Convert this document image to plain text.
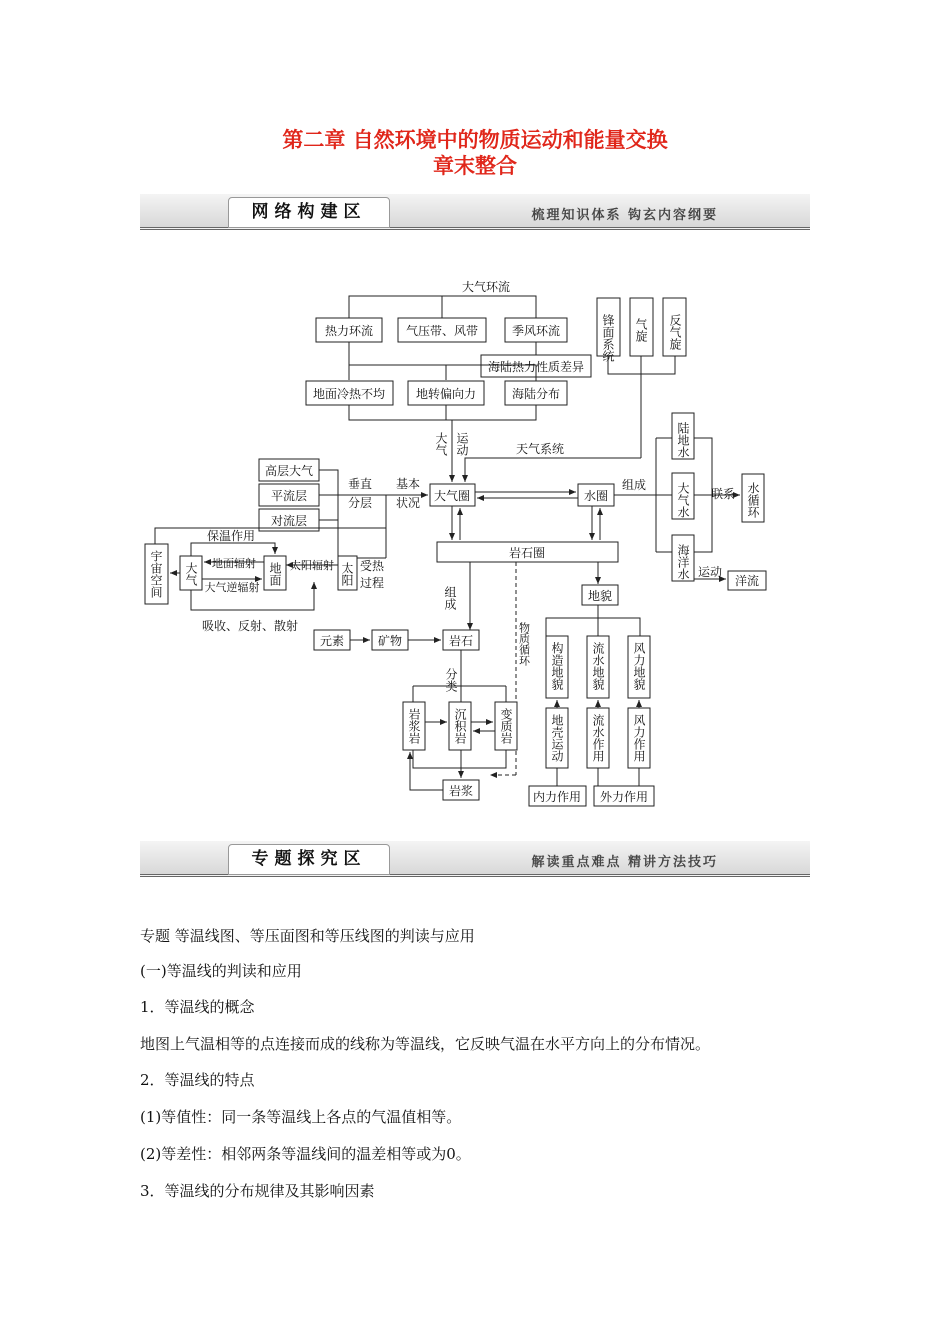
第二章 自然环境中的物质运动和能量交换
章末整合
网络构建区	梳理知识体系 钩玄内容纲要
大气环流
热力环流	气压带、风带	季风环流
海陆热力性质差异
地面冷热不均	地转偏向力	海陆分布
锋面系统 气旋 反气旋
大气 运动	天气系统
高层大气
平流层
对流层
垂直
分层
基本
状况 大气圈	水圈
岩石圈
组成
陆地水
大气水
海洋水
联系 水循环
运动
洋流
保温作用
宇宙空间 大气	地面	太阳
地面辐射
大气逆辐射
太阳辐射 受热
过程
吸收、反射、散射
组成
物质循环
元素	矿物	岩石
分类
岩浆岩	沉积岩	变质岩
岩浆
地貌
构造地貌 流水地貌 风力地貌
地壳运动 流水作用 风力作用
内力作用 外力作用
专题探究区	解读重点难点 精讲方法技巧
专题 等温线图、等压面图和等压线图的判读与应用
(一)等温线的判读和应用
1．等温线的概念
地图上气温相等的点连接而成的线称为等温线，它反映气温在水平方向上的分布情况。
2．等温线的特点
(1)等值性：同一条等温线上各点的气温值相等。
(2)等差性：相邻两条等温线间的温差相等或为0。
3．等温线的分布规律及其影响因素
